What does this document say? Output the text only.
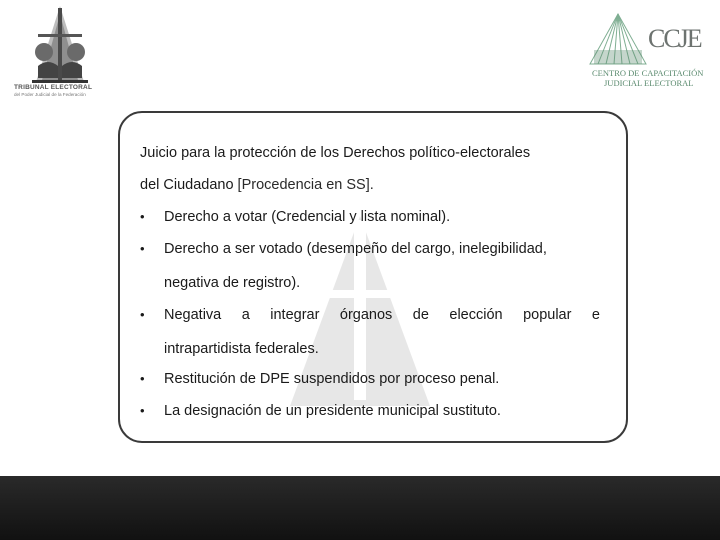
TRIBUNAL ELECTORAL
del Poder Judicial de la Federación
CCJE
CENTRO DE CAPACITACIÓN
JUDICIAL ELECTORAL
Juicio para la protección de los Derechos político-electorales
del Ciudadano [Procedencia en SS].
•	Derecho a votar (Credencial y lista nominal).
•	Derecho a ser votado (desempeño del cargo, inelegibilidad,
negativa de registro).
•	Negativa a integrar órganos de elección popular e
intrapartidista federales.
•	Restitución de DPE suspendidos por proceso penal.
•	La designación de un presidente municipal sustituto.
